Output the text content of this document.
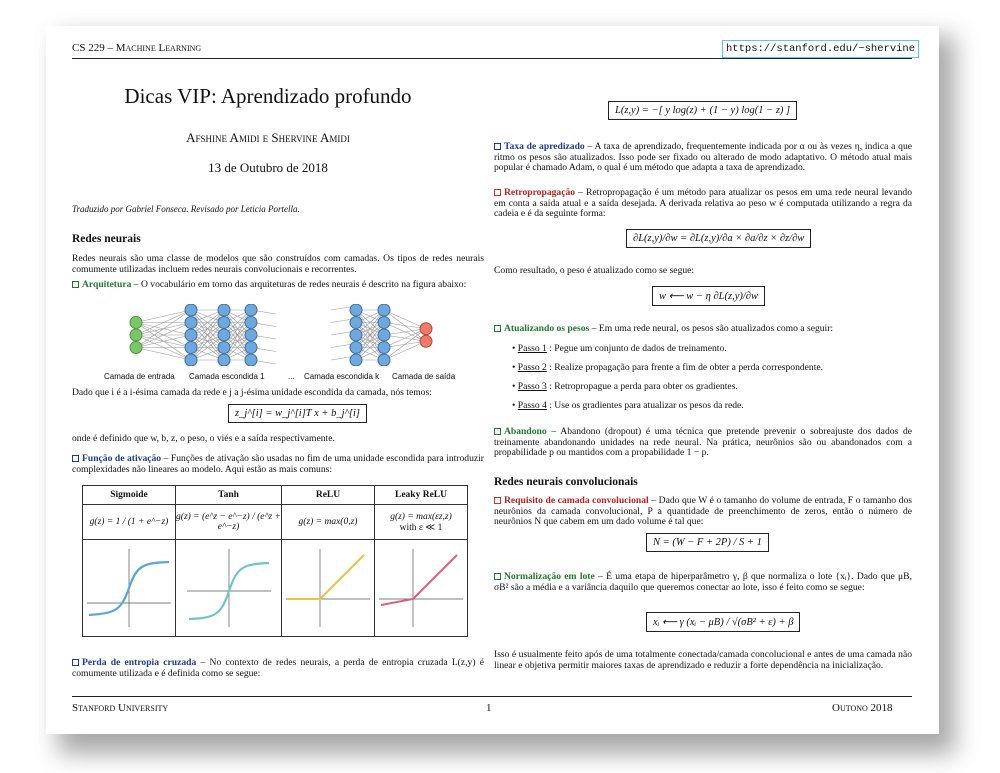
CS 229 – Machine Learning	https://stanford.edu/~shervine
Dicas VIP: Aprendizado profundo
Afshine Amidi e Shervine Amidi
13 de Outubro de 2018
Traduzido por Gabriel Fonseca. Revisado por Leticia Portella.
Redes neurais
Redes neurais são uma classe de modelos que são construídos com camadas. Os tipos de redes neurais comumente utilizadas incluem redes neurais convolucionais e recorrentes.
Arquitetura – O vocabulário em torno das arquiteturas de redes neurais é descrito na figura abaixo:
Camada de entrada Camada escondida 1	... Camada escondida k Camada de saída
Dado que i é a i-ésima camada da rede e j a j-ésima unidade escondida da camada, nós temos:
z_j^[i] = w_j^[i]T x + b_j^[i]
onde é definido que w, b, z, o peso, o viés e a saída respectivamente.
Função de ativação – Funções de ativação são usadas no fim de uma unidade escondida para introduzir complexidades não lineares ao modelo. Aqui estão as mais comuns:
Sigmoide	Tanh	ReLU	Leaky ReLU
g(z) = 1 / (1 + e^−z)	g(z) = (e^z − e^−z) / (e^z + e^−z)	g(z) = max(0,z)	g(z) = max(εz,z)
with ε ≪ 1

Perda de entropia cruzada – No contexto de redes neurais, a perda de entropia cruzada L(z,y) é comumente utilizada e é definida como se segue:
L(z,y) = −[ y log(z) + (1 − y) log(1 − z) ]
Taxa de apredizado – A taxa de aprendizado, frequentemente indicada por α ou às vezes η, indica a que ritmo os pesos são atualizados. Isso pode ser fixado ou alterado de modo adaptativo. O método atual mais popular é chamado Adam, o qual é um método que adapta a taxa de aprendizado.
Retropropagação – Retropropagação é um método para atualizar os pesos em uma rede neural levando em conta a saída atual e a saída desejada. A derivada relativa ao peso w é computada utilizando a regra da cadeia e é da seguinte forma:
∂L(z,y)/∂w = ∂L(z,y)/∂a × ∂a/∂z × ∂z/∂w
Como resultado, o peso é atualizado como se segue:
w ⟵ w − η ∂L(z,y)/∂w
Atualizando os pesos – Em uma rede neural, os pesos são atualizados como a seguir:
• Passo 1 : Pegue um conjunto de dados de treinamento.
• Passo 2 : Realize propagação para frente a fim de obter a perda correspondente.
• Passo 3 : Retropropague a perda para obter os gradientes.
• Passo 4 : Use os gradientes para atualizar os pesos da rede.
Abandono – Abandono (dropout) é uma técnica que pretende prevenir o sobreajuste dos dados de treinamente abandonando unidades na rede neural. Na prática, neurônios são ou abandonados com a propabilidade p ou mantidos com a propabilidade 1 − p.
Redes neurais convolucionais
Requisito de camada convolucional – Dado que W é o tamanho do volume de entrada, F o tamanho dos neurônios da camada convolucional, P a quantidade de preenchimento de zeros, então o número de neurônios N que cabem em um dado volume é tal que:
N = (W − F + 2P) / S + 1
Normalização em lote – É uma etapa de hiperparâmetro γ, β que normaliza o lote {xᵢ}. Dado que μB, σB² são a média e a variância daquilo que queremos conectar ao lote, isso é feito como se segue:
xᵢ ⟵ γ (xᵢ − μB) / √(σB² + ε) + β
Isso é usualmente feito após de uma totalmente conectada/camada concolucional e antes de uma camada não linear e objetiva permitir maiores taxas de aprendizado e reduzir a forte dependência na inicialização.
Stanford University	1	Outono 2018
